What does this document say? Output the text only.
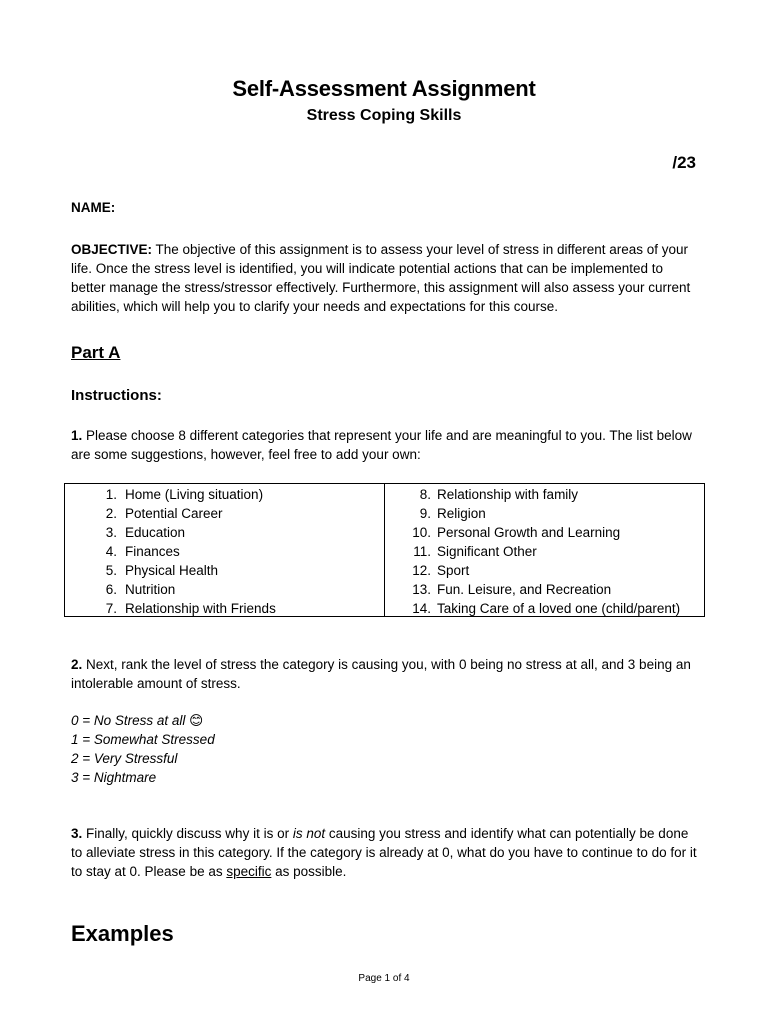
Self-Assessment Assignment
Stress Coping Skills
/23
NAME:
OBJECTIVE: The objective of this assignment is to assess your level of stress in different areas of your life. Once the stress level is identified, you will indicate potential actions that can be implemented to better manage the stress/stressor effectively. Furthermore, this assignment will also assess your current abilities, which will help you to clarify your needs and expectations for this course.
Part A
Instructions:
1. Please choose 8 different categories that represent your life and are meaningful to you. The list below are some suggestions, however, feel free to add your own:
1. Home (Living situation)
2. Potential Career
3. Education
4. Finances
5. Physical Health
6. Nutrition
7. Relationship with Friends
8. Relationship with family
9. Religion
10. Personal Growth and Learning
11. Significant Other
12. Sport
13. Fun. Leisure, and Recreation
14. Taking Care of a loved one (child/parent)
2. Next, rank the level of stress the category is causing you, with 0 being no stress at all, and 3 being an intolerable amount of stress.
0 = No Stress at all 😊
1 = Somewhat Stressed
2 = Very Stressful
3 = Nightmare
3. Finally, quickly discuss why it is or is not causing you stress and identify what can potentially be done to alleviate stress in this category. If the category is already at 0, what do you have to continue to do for it to stay at 0. Please be as specific as possible.
Examples
Page 1 of 4
